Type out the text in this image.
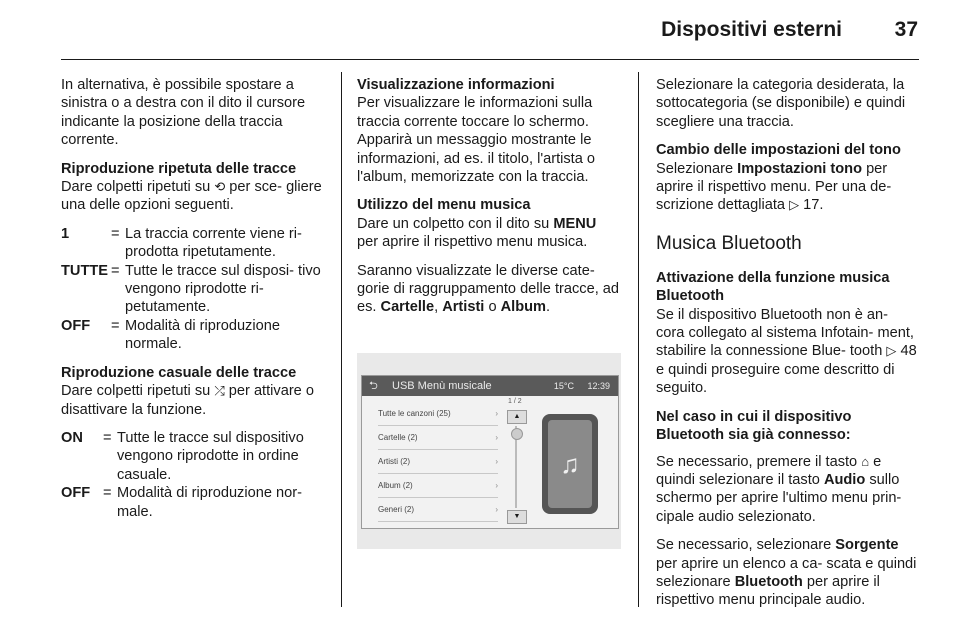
Dispositivi esterni	37

In alternativa, è possibile spostare a sinistra o a destra con il dito il cursore indicante la posizione della traccia corrente.

Riproduzione ripetuta delle tracce

Dare colpetti ripetuti su ⟲ per sce- gliere una delle opzioni seguenti.

1	= La traccia corrente viene ri- prodotta ripetutamente.
TUTTE = Tutte le tracce sul disposi- tivo vengono riprodotte ri- petutamente.
OFF	= Modalità di riproduzione normale.
Riproduzione casuale delle tracce

Dare colpetti ripetuti su ⤮ per attivare o disattivare la funzione.

ON	= Tutte le tracce sul dispositivo vengono riprodotte in ordine casuale.
OFF = Modalità di riproduzione nor- male.
Visualizzazione informazioni

Per visualizzare le informazioni sulla traccia corrente toccare lo schermo. Apparirà un messaggio mostrante le informazioni, ad es. il titolo, l'artista o l'album, memorizzate con la traccia.

Utilizzo del menu musica

Dare un colpetto con il dito su MENU per aprire il rispettivo menu musica.

Saranno visualizzate le diverse cate- gorie di raggruppamento delle tracce, ad es. Cartelle, Artisti o Album.

⮌ USB Menù musicale	15°C 12:39
1 / 2
Tutte le canzoni (25)	›
Cartelle (2)	›
Artisti (2)	›
Album (2)	›
Generi (2)	›
▲
▼
♫

Selezionare la categoria desiderata, la sottocategoria (se disponibile) e quindi scegliere una traccia.

Cambio delle impostazioni del tono

Selezionare Impostazioni tono per aprire il rispettivo menu. Per una de- scrizione dettagliata ▷ 17.

Musica Bluetooth
Attivazione della funzione musica Bluetooth

Se il dispositivo Bluetooth non è an- cora collegato al sistema Infotain- ment, stabilire la connessione Blue- tooth ▷ 48 e quindi proseguire come descritto di seguito.

Nel caso in cui il dispositivo Bluetooth sia già connesso:

Se necessario, premere il tasto ⌂ e quindi selezionare il tasto Audio sullo schermo per aprire l'ultimo menu prin- cipale audio selezionato.

Se necessario, selezionare Sorgente per aprire un elenco a ca- scata e quindi selezionare Bluetooth per aprire il rispettivo menu principale audio.
